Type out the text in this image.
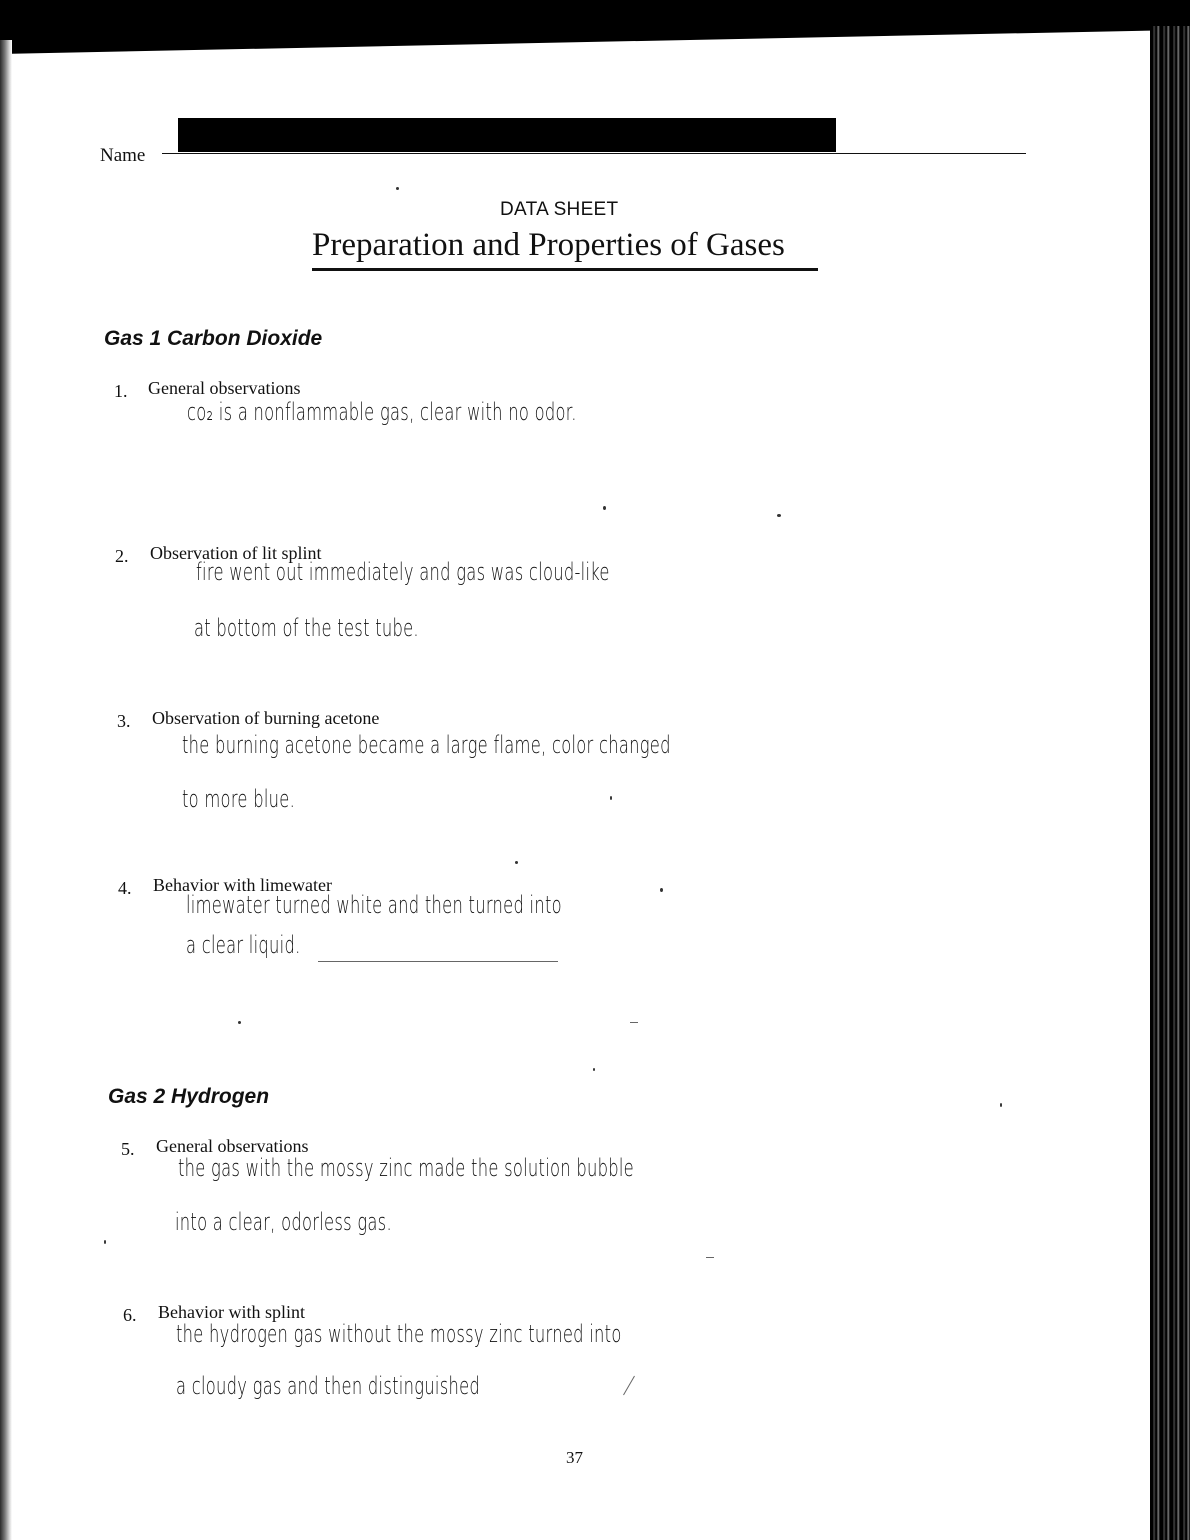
Name
DATA SHEET
Preparation and Properties of Gases
Gas 1 Carbon Dioxide
1. General observations
co₂ is a nonflammable gas, clear with no odor.
2. Observation of lit splint
fire went out immediately and gas was cloud-like
at bottom of the test tube.
3. Observation of burning acetone
the burning acetone became a large flame, color changed
to more blue.
4. Behavior with limewater
limewater turned white and then turned into
a clear liquid.
Gas 2 Hydrogen
5. General observations
the gas with the mossy zinc made the solution bubble
into a clear, odorless gas.
6. Behavior with splint
the hydrogen gas without the mossy zinc turned into
a cloudy gas and then distinguished
37
